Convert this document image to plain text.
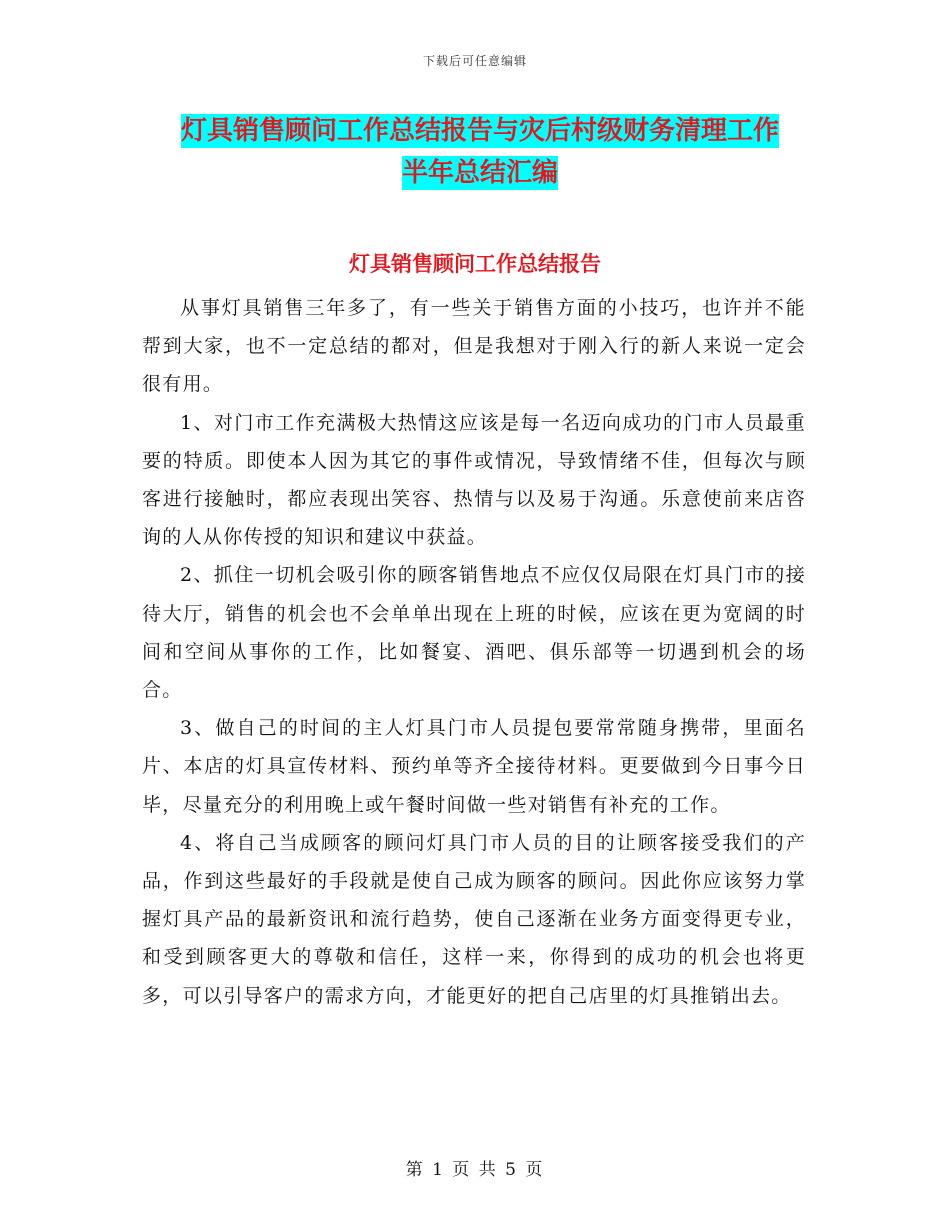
下载后可任意编辑
灯具销售顾问工作总结报告与灾后村级财务清理工作
半年总结汇编
灯具销售顾问工作总结报告

从事灯具销售三年多了，有一些关于销售方面的小技巧，也许并不能帮到大家，也不一定总结的都对，但是我想对于刚入行的新人来说一定会很有用。

1、对门市工作充满极大热情这应该是每一名迈向成功的门市人员最重要的特质。即使本人因为其它的事件或情况，导致情绪不佳，但每次与顾客进行接触时，都应表现出笑容、热情与以及易于沟通。乐意使前来店咨询的人从你传授的知识和建议中获益。

2、抓住一切机会吸引你的顾客销售地点不应仅仅局限在灯具门市的接待大厅，销售的机会也不会单单出现在上班的时候，应该在更为宽阔的时间和空间从事你的工作，比如餐宴、酒吧、俱乐部等一切遇到机会的场合。

3、做自己的时间的主人灯具门市人员提包要常常随身携带，里面名片、本店的灯具宣传材料、预约单等齐全接待材料。更要做到今日事今日毕，尽量充分的利用晚上或午餐时间做一些对销售有补充的工作。

4、将自己当成顾客的顾问灯具门市人员的目的让顾客接受我们的产品，作到这些最好的手段就是使自己成为顾客的顾问。因此你应该努力掌握灯具产品的最新资讯和流行趋势，使自己逐渐在业务方面变得更专业，和受到顾客更大的尊敬和信任，这样一来，你得到的成功的机会也将更多，可以引导客户的需求方向，才能更好的把自己店里的灯具推销出去。

第 1 页 共 5 页
